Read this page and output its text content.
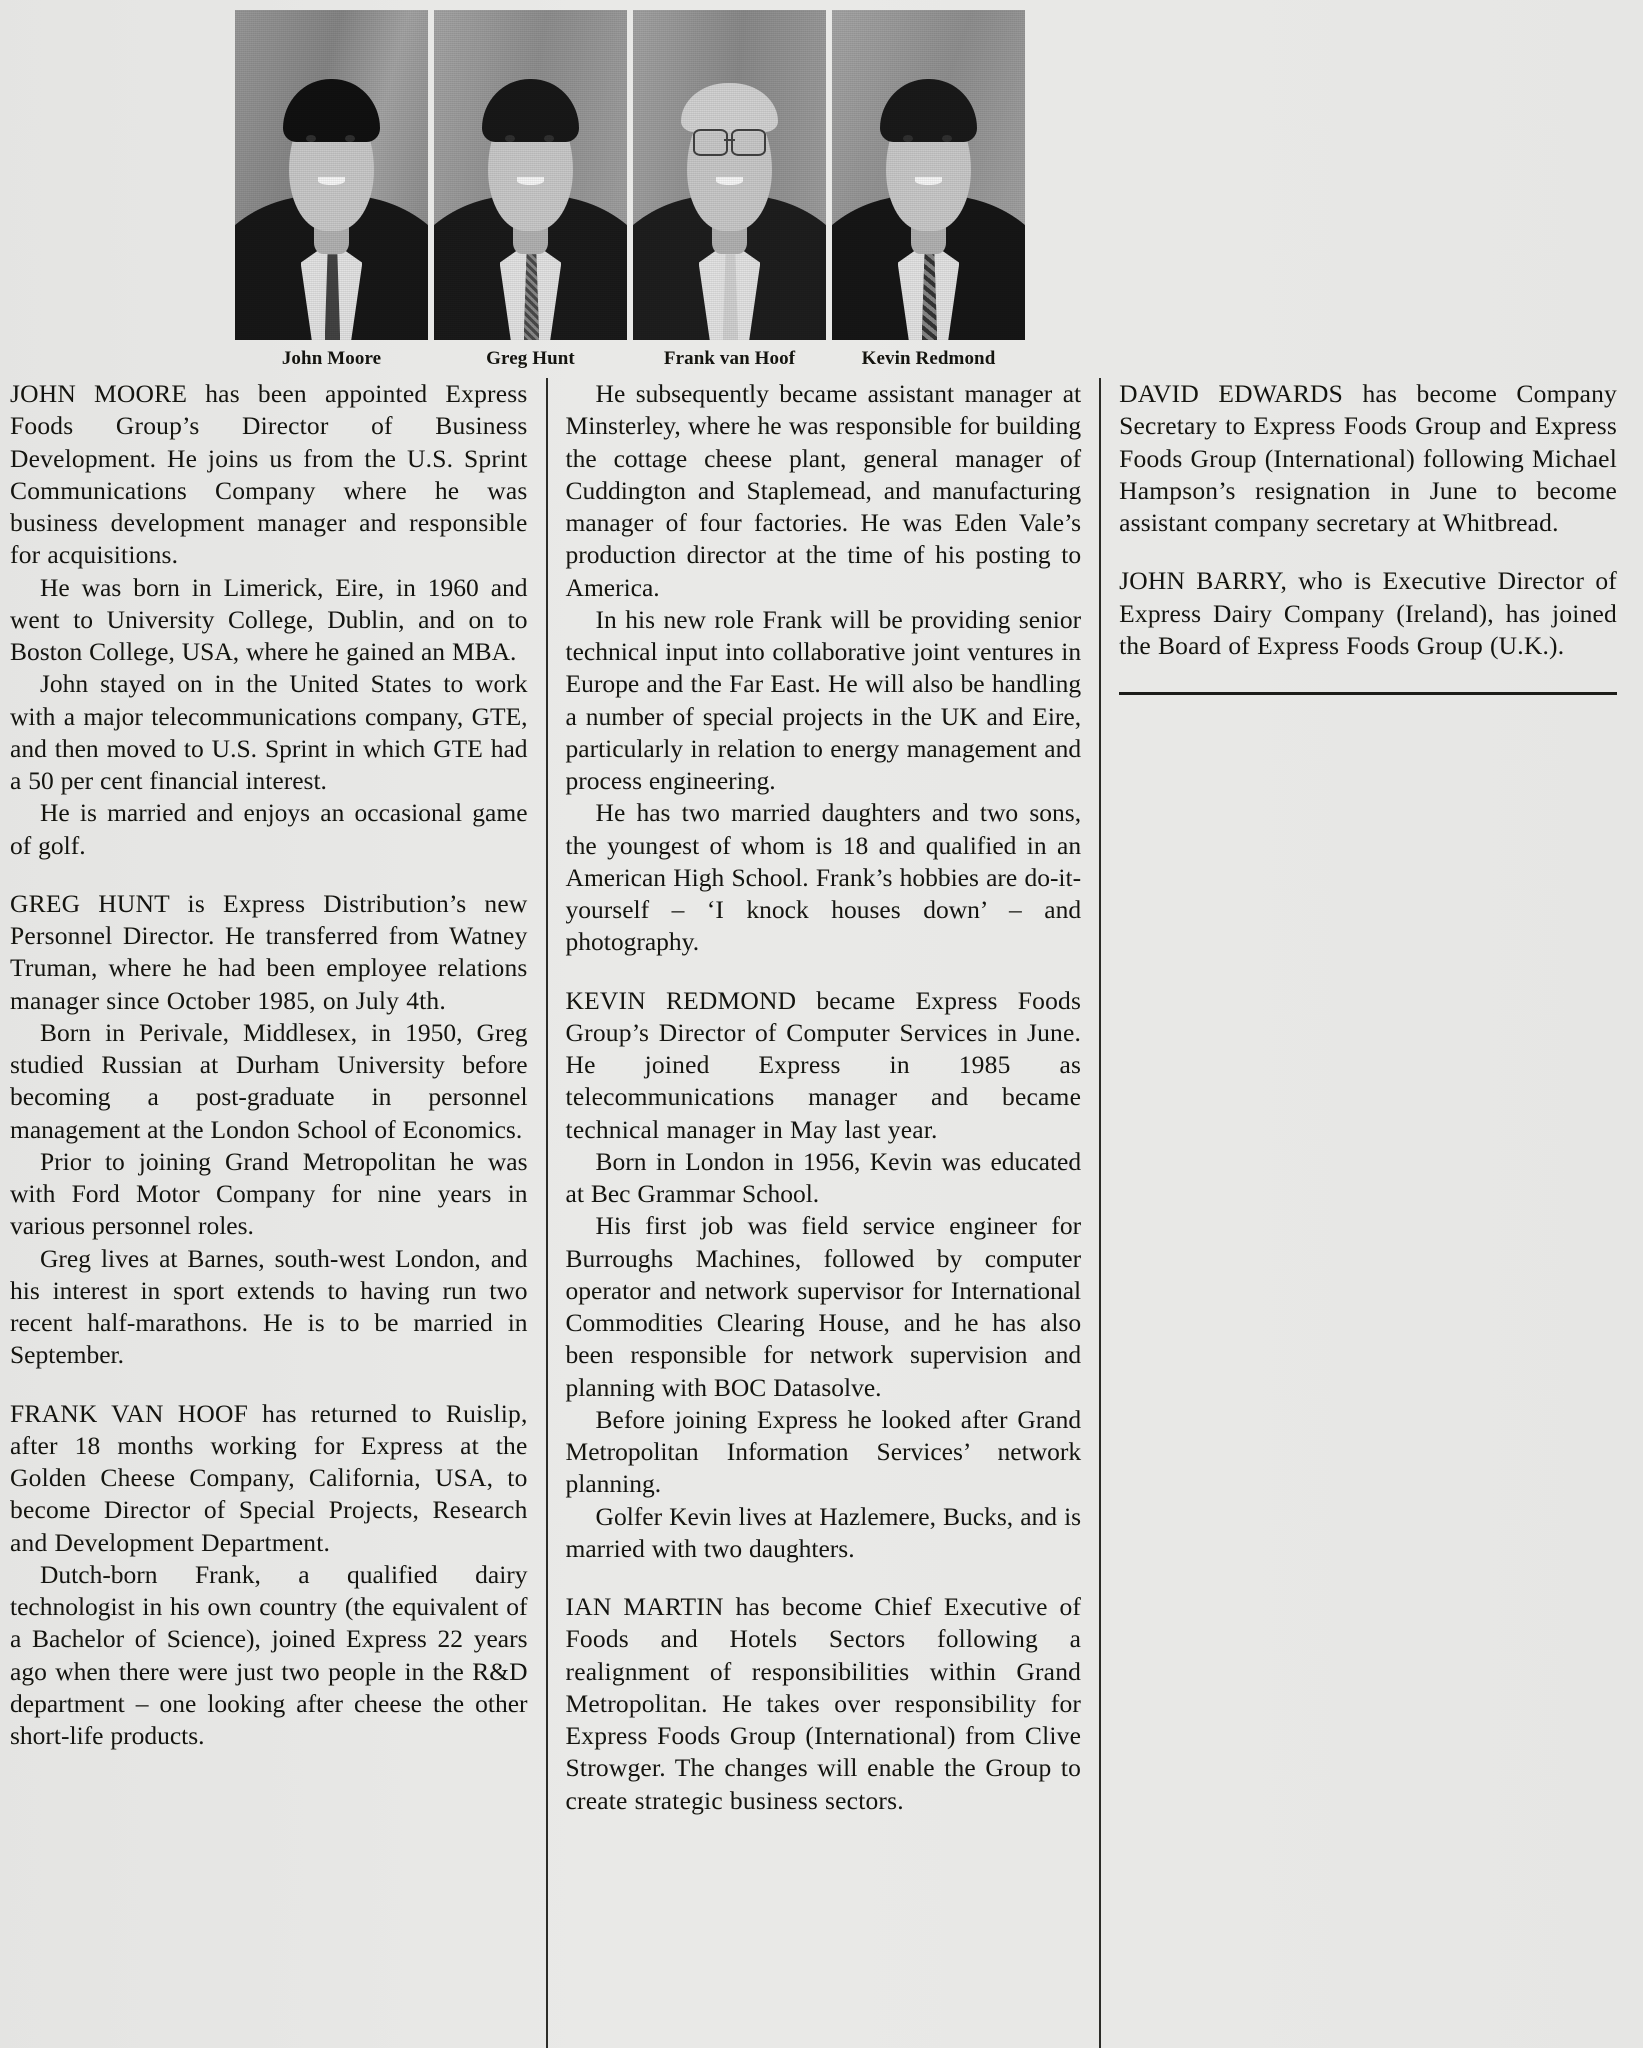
John Moore	Greg Hunt	Frank van Hoof	Kevin Redmond

JOHN MOORE has been appointed Express Foods Group’s Director of Business Development. He joins us from the U.S. Sprint Communications Company where he was business development manager and responsible for acquisitions.

He was born in Limerick, Eire, in 1960 and went to University College, Dublin, and on to Boston College, USA, where he gained an MBA.

John stayed on in the United States to work with a major telecommunications company, GTE, and then moved to U.S. Sprint in which GTE had a 50 per cent financial interest.

He is married and enjoys an occasional game of golf.

GREG HUNT is Express Distribution’s new Personnel Director. He transferred from Watney Truman, where he had been employee relations manager since October 1985, on July 4th.

Born in Perivale, Middlesex, in 1950, Greg studied Russian at Durham University before becoming a post-graduate in personnel management at the London School of Economics.

Prior to joining Grand Metropolitan he was with Ford Motor Company for nine years in various personnel roles.

Greg lives at Barnes, south-west London, and his interest in sport extends to having run two recent half-marathons. He is to be married in September.

FRANK VAN HOOF has returned to Ruislip, after 18 months working for Express at the Golden Cheese Company, California, USA, to become Director of Special Projects, Research and Development Department.

Dutch-born Frank, a qualified dairy technologist in his own country (the equivalent of a Bachelor of Science), joined Express 22 years ago when there were just two people in the R&D department – one looking after cheese the other short-life products.

He subsequently became assistant manager at Minsterley, where he was responsible for building the cottage cheese plant, general manager of Cuddington and Staplemead, and manufacturing manager of four factories. He was Eden Vale’s production director at the time of his posting to America.

In his new role Frank will be providing senior technical input into collaborative joint ventures in Europe and the Far East. He will also be handling a number of special projects in the UK and Eire, particularly in relation to energy management and process engineering.

He has two married daughters and two sons, the youngest of whom is 18 and qualified in an American High School. Frank’s hobbies are do-it-yourself – ‘I knock houses down’ – and photography.

KEVIN REDMOND became Express Foods Group’s Director of Computer Services in June. He joined Express in 1985 as telecommunications manager and became technical manager in May last year.

Born in London in 1956, Kevin was educated at Bec Grammar School.

His first job was field service engineer for Burroughs Machines, followed by computer operator and network supervisor for International Commodities Clearing House, and he has also been responsible for network supervision and planning with BOC Datasolve.

Before joining Express he looked after Grand Metropolitan Information Services’ network planning.

Golfer Kevin lives at Hazlemere, Bucks, and is married with two daughters.

IAN MARTIN has become Chief Executive of Foods and Hotels Sectors following a realignment of responsibilities within Grand Metropolitan. He takes over responsibility for Express Foods Group (International) from Clive Strowger. The changes will enable the Group to create strategic business sectors.

DAVID EDWARDS has become Company Secretary to Express Foods Group and Express Foods Group (International) following Michael Hampson’s resignation in June to become assistant company secretary at Whitbread.

JOHN BARRY, who is Executive Director of Express Dairy Company (Ireland), has joined the Board of Express Foods Group (U.K.).
